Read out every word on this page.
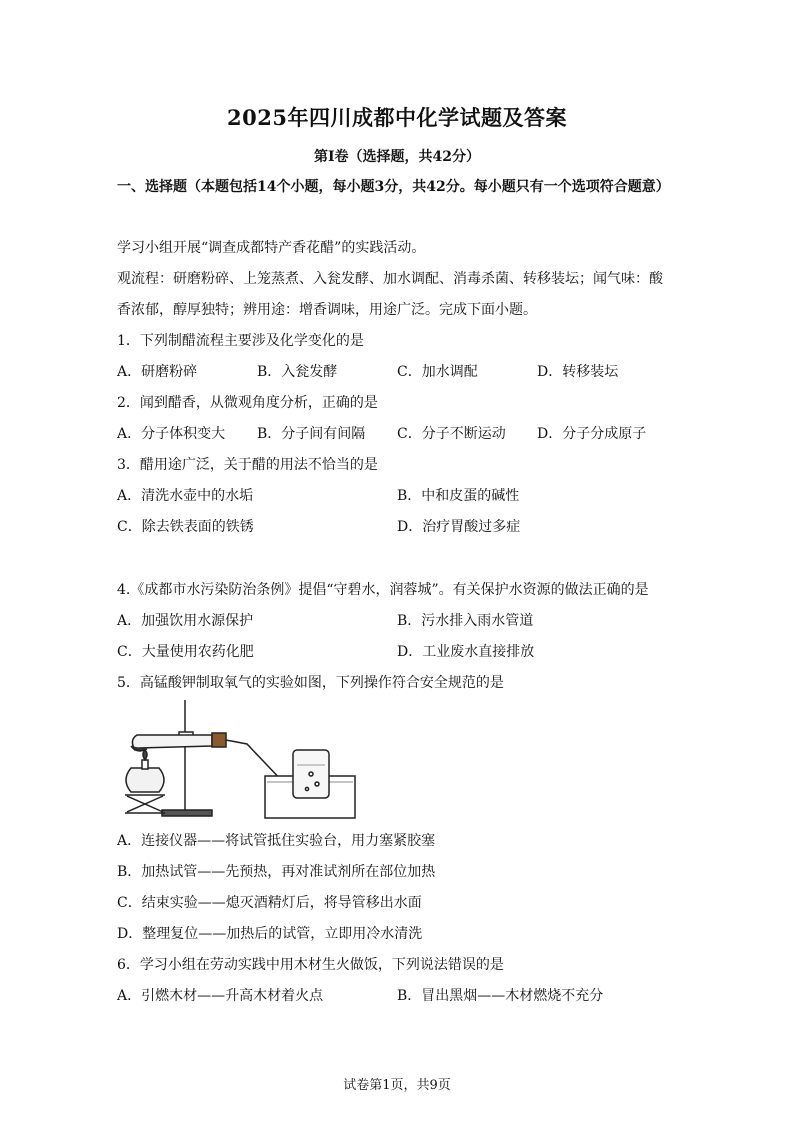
2025年四川成都中化学试题及答案
第Ⅰ卷（选择题，共42分）
一、选择题（本题包括14个小题，每小题3分，共42分。每小题只有一个选项符合题意）
学习小组开展“调查成都特产香花醋”的实践活动。
观流程：研磨粉碎、上笼蒸煮、入瓮发酵、加水调配、消毒杀菌、转移装坛；闻气味：酸
香浓郁，醇厚独特；辨用途：增香调味，用途广泛。完成下面小题。
1．下列制醋流程主要涉及化学变化的是
A．研磨粉碎	B．入瓮发酵	C．加水调配	D．转移装坛
2．闻到醋香，从微观角度分析，正确的是
A．分子体积变大 B．分子间有间隔 C．分子不断运动 D．分子分成原子
3．醋用途广泛，关于醋的用法不恰当的是
A．清洗水壶中的水垢	B．中和皮蛋的碱性
C．除去铁表面的铁锈	D．治疗胃酸过多症
4.《成都市水污染防治条例》提倡“守碧水，润蓉城”。有关保护水资源的做法正确的是
A．加强饮用水源保护	B．污水排入雨水管道
C．大量使用农药化肥	D．工业废水直接排放
5．高锰酸钾制取氧气的实验如图，下列操作符合安全规范的是
A．连接仪器——将试管抵住实验台，用力塞紧胶塞
B．加热试管——先预热，再对准试剂所在部位加热
C．结束实验——熄灭酒精灯后，将导管移出水面
D．整理复位——加热后的试管，立即用冷水清洗
6．学习小组在劳动实践中用木材生火做饭，下列说法错误的是
A．引燃木材——升高木材着火点	B．冒出黑烟——木材燃烧不充分
试卷第1页，共9页
